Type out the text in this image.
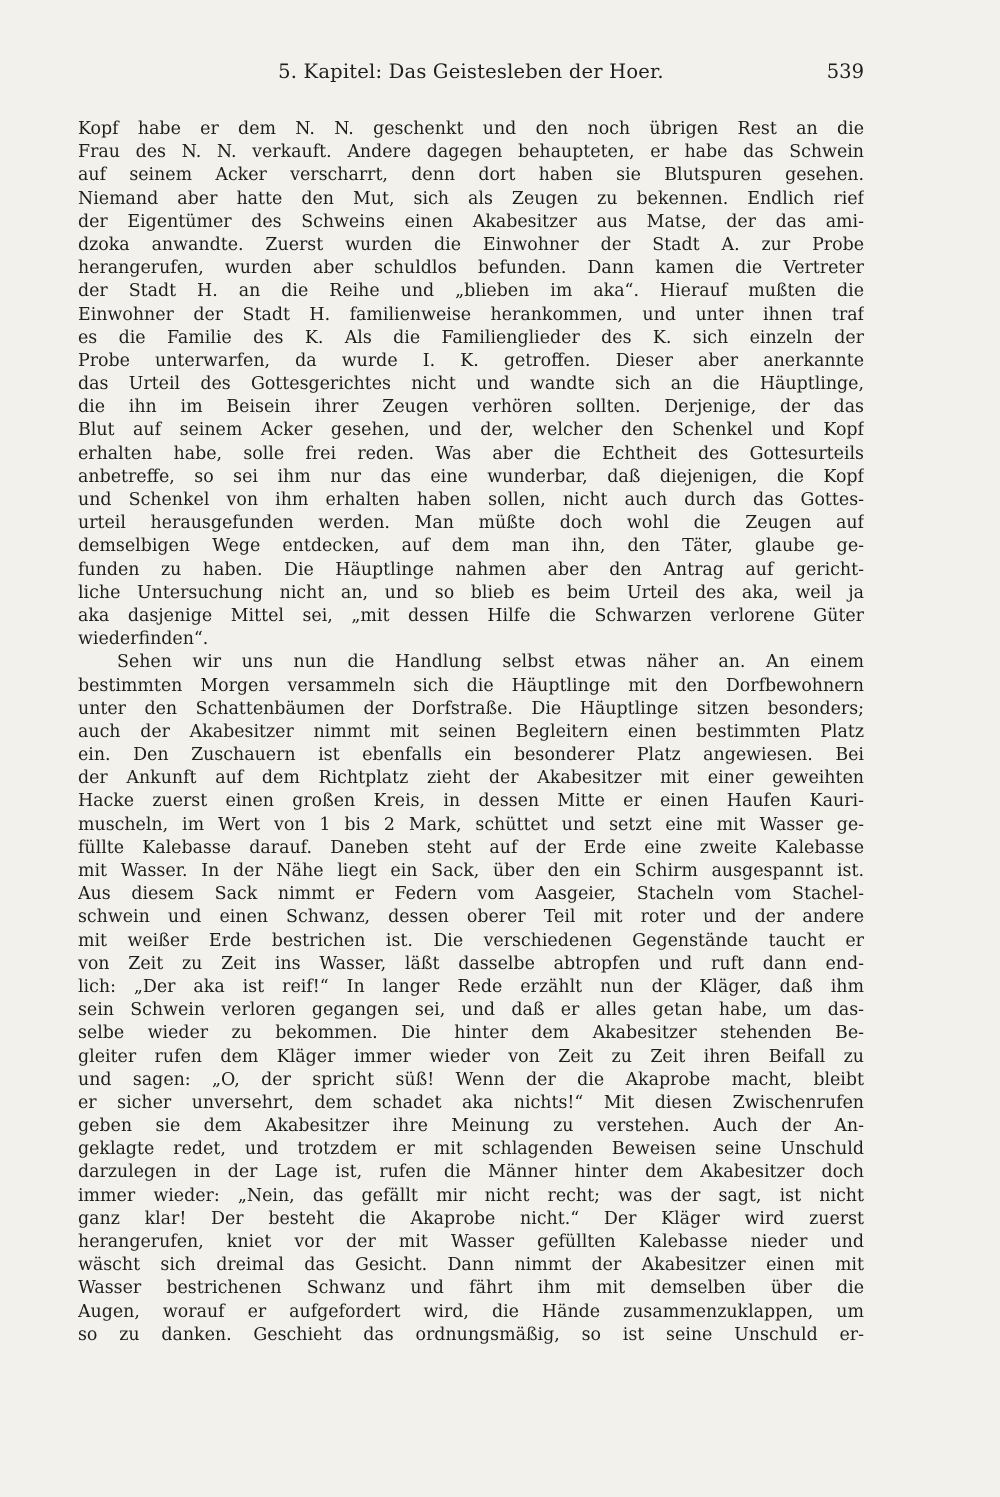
5. Kapitel: Das Geistesleben der Hoer.	539

Kopf habe er dem N. N. geschenkt und den noch übrigen Rest an die

Frau des N. N. verkauft. Andere dagegen behaupteten, er habe das Schwein

auf seinem Acker verscharrt, denn dort haben sie Blutspuren gesehen.

Niemand aber hatte den Mut, sich als Zeugen zu bekennen. Endlich rief

der Eigentümer des Schweins einen Akabesitzer aus Matse, der das ami-

dzoka anwandte. Zuerst wurden die Einwohner der Stadt A. zur Probe

herangerufen, wurden aber schuldlos befunden. Dann kamen die Vertreter

der Stadt H. an die Reihe und „blieben im aka“. Hierauf mußten die

Einwohner der Stadt H. familienweise herankommen, und unter ihnen traf

es die Familie des K. Als die Familienglieder des K. sich einzeln der

Probe unterwarfen, da wurde I. K. getroffen. Dieser aber anerkannte

das Urteil des Gottesgerichtes nicht und wandte sich an die Häuptlinge,

die ihn im Beisein ihrer Zeugen verhören sollten. Derjenige, der das

Blut auf seinem Acker gesehen, und der, welcher den Schenkel und Kopf

erhalten habe, solle frei reden. Was aber die Echtheit des Gottesurteils

anbetreffe, so sei ihm nur das eine wunderbar, daß diejenigen, die Kopf

und Schenkel von ihm erhalten haben sollen, nicht auch durch das Gottes-

urteil herausgefunden werden. Man müßte doch wohl die Zeugen auf

demselbigen Wege entdecken, auf dem man ihn, den Täter, glaube ge-

funden zu haben. Die Häuptlinge nahmen aber den Antrag auf gericht-

liche Untersuchung nicht an, und so blieb es beim Urteil des aka, weil ja

aka dasjenige Mittel sei, „mit dessen Hilfe die Schwarzen verlorene Güter

wiederfinden“.

Sehen wir uns nun die Handlung selbst etwas näher an. An einem

bestimmten Morgen versammeln sich die Häuptlinge mit den Dorfbewohnern

unter den Schattenbäumen der Dorfstraße. Die Häuptlinge sitzen besonders;

auch der Akabesitzer nimmt mit seinen Begleitern einen bestimmten Platz

ein. Den Zuschauern ist ebenfalls ein besonderer Platz angewiesen. Bei

der Ankunft auf dem Richtplatz zieht der Akabesitzer mit einer geweihten

Hacke zuerst einen großen Kreis, in dessen Mitte er einen Haufen Kauri-

muscheln, im Wert von 1 bis 2 Mark, schüttet und setzt eine mit Wasser ge-

füllte Kalebasse darauf. Daneben steht auf der Erde eine zweite Kalebasse

mit Wasser. In der Nähe liegt ein Sack, über den ein Schirm ausgespannt ist.

Aus diesem Sack nimmt er Federn vom Aasgeier, Stacheln vom Stachel-

schwein und einen Schwanz, dessen oberer Teil mit roter und der andere

mit weißer Erde bestrichen ist. Die verschiedenen Gegenstände taucht er

von Zeit zu Zeit ins Wasser, läßt dasselbe abtropfen und ruft dann end-

lich: „Der aka ist reif!“ In langer Rede erzählt nun der Kläger, daß ihm

sein Schwein verloren gegangen sei, und daß er alles getan habe, um das-

selbe wieder zu bekommen. Die hinter dem Akabesitzer stehenden Be-

gleiter rufen dem Kläger immer wieder von Zeit zu Zeit ihren Beifall zu

und sagen: „O, der spricht süß! Wenn der die Akaprobe macht, bleibt

er sicher unversehrt, dem schadet aka nichts!“ Mit diesen Zwischenrufen

geben sie dem Akabesitzer ihre Meinung zu verstehen. Auch der An-

geklagte redet, und trotzdem er mit schlagenden Beweisen seine Unschuld

darzulegen in der Lage ist, rufen die Männer hinter dem Akabesitzer doch

immer wieder: „Nein, das gefällt mir nicht recht; was der sagt, ist nicht

ganz klar! Der besteht die Akaprobe nicht.“ Der Kläger wird zuerst

herangerufen, kniet vor der mit Wasser gefüllten Kalebasse nieder und

wäscht sich dreimal das Gesicht. Dann nimmt der Akabesitzer einen mit

Wasser bestrichenen Schwanz und fährt ihm mit demselben über die

Augen, worauf er aufgefordert wird, die Hände zusammenzuklappen, um

so zu danken. Geschieht das ordnungsmäßig, so ist seine Unschuld er-
